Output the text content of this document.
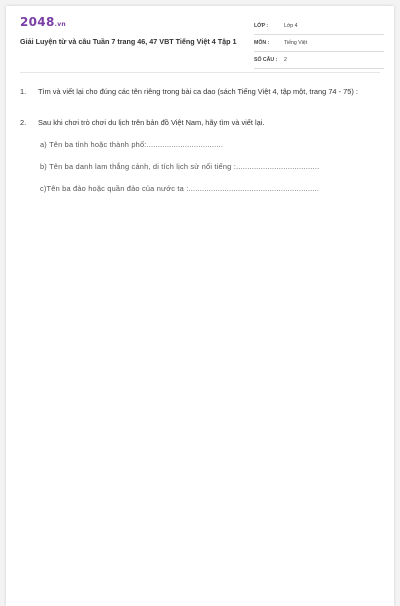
2048.vn
Giải Luyện từ và câu Tuần 7 trang 46, 47 VBT Tiếng Việt 4 Tập 1
LỚP :	Lớp 4
MÔN :	Tiếng Việt
SỐ CÂU : 2
1. Tìm và viết lại cho đúng các tên riêng trong bài ca dao (sách Tiếng Việt 4, tập một, trang 74 - 75) :
2. Sau khi chơi trò chơi du lịch trên bản đồ Việt Nam, hãy tìm và viết lại.
a) Tên ba tỉnh hoặc thành phố:..................................
b) Tên ba danh lam thắng cảnh, di tích lịch sử nổi tiếng :.....................................
c)Tên ba đảo hoặc quần đảo của nước ta :..........................................................
